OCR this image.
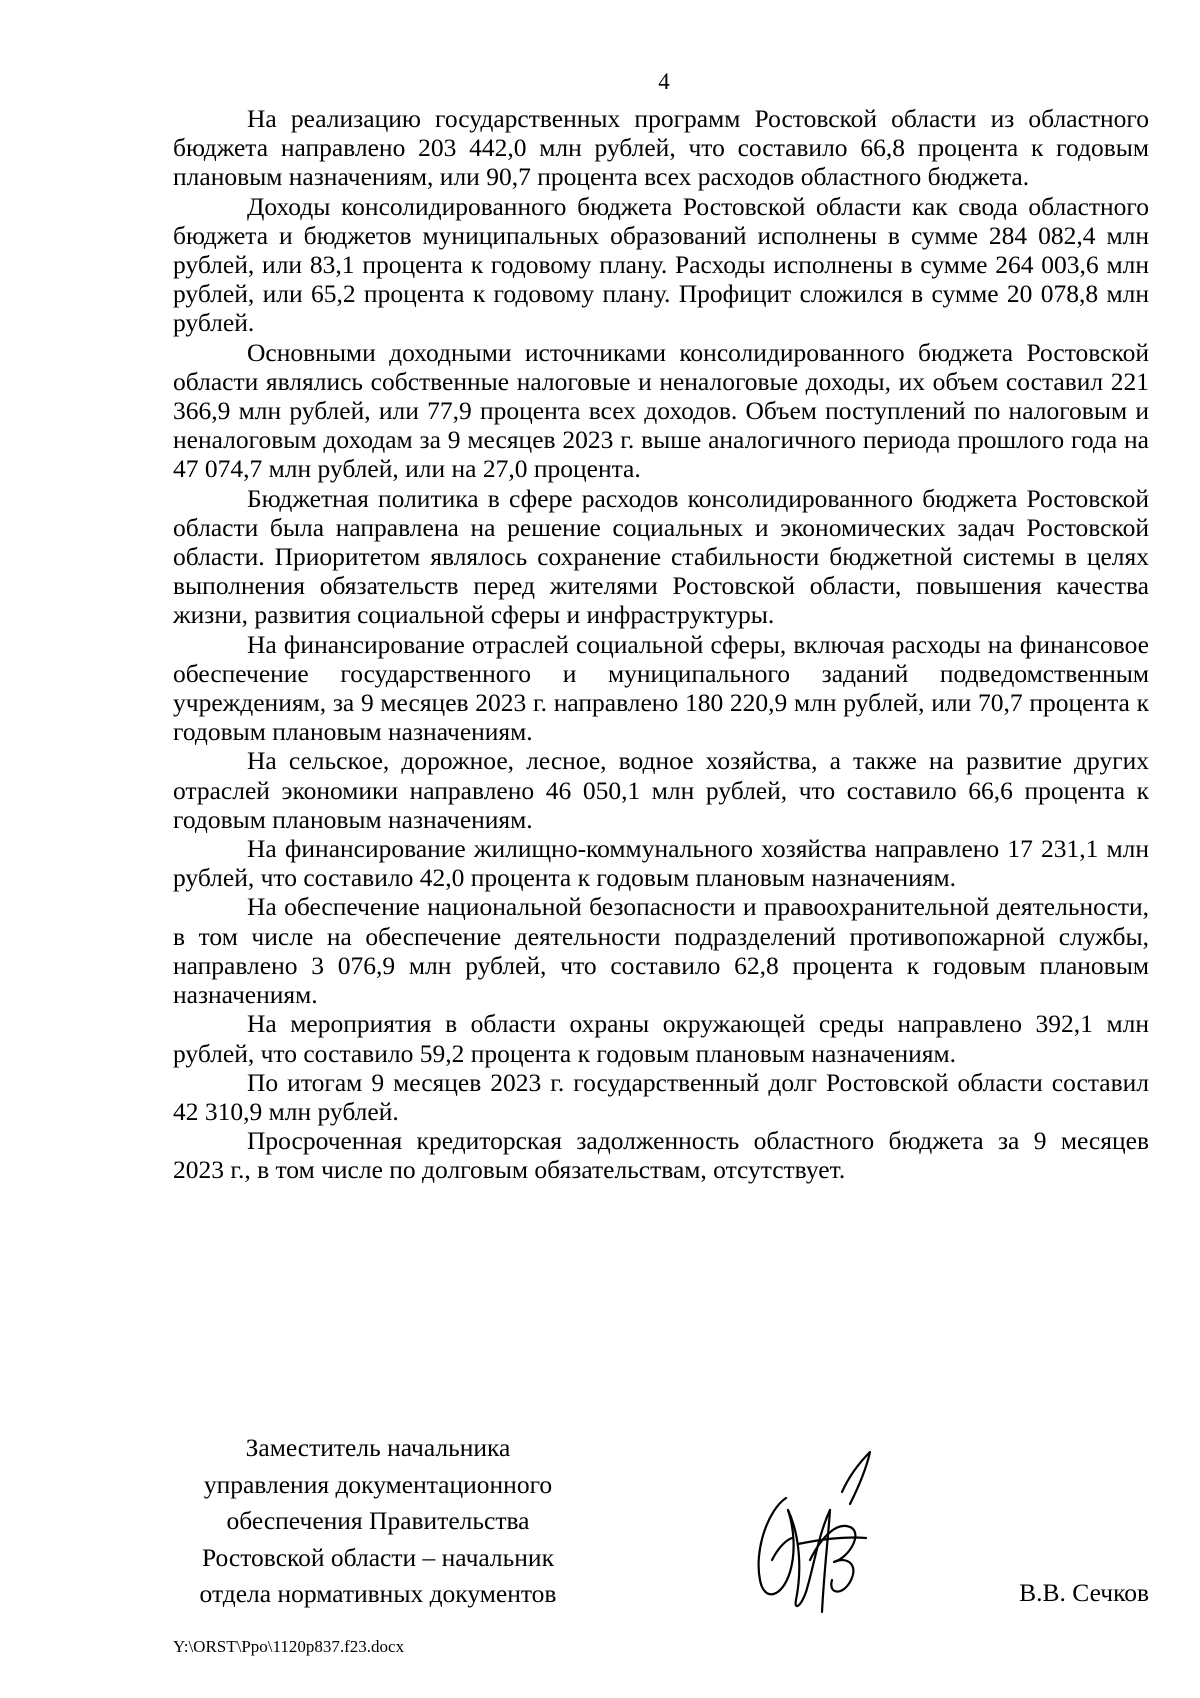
4

На реализацию государственных программ Ростовской области из областного бюджета направлено 203 442,0 млн рублей, что составило 66,8 процента к годовым плановым назначениям, или 90,7 процента всех расходов областного бюджета.

Доходы консолидированного бюджета Ростовской области как свода областного бюджета и бюджетов муниципальных образований исполнены в сумме 284 082,4 млн рублей, или 83,1 процента к годовому плану. Расходы исполнены в сумме 264 003,6 млн рублей, или 65,2 процента к годовому плану. Профицит сложился в сумме 20 078,8 млн рублей.

Основными доходными источниками консолидированного бюджета Ростовской области являлись собственные налоговые и неналоговые доходы, их объем составил 221 366,9 млн рублей, или 77,9 процента всех доходов. Объем поступлений по налоговым и неналоговым доходам за 9 месяцев 2023 г. выше аналогичного периода прошлого года на 47 074,7 млн рублей, или на 27,0 процента.

Бюджетная политика в сфере расходов консолидированного бюджета Ростовской области была направлена на решение социальных и экономических задач Ростовской области. Приоритетом являлось сохранение стабильности бюджетной системы в целях выполнения обязательств перед жителями Ростовской области, повышения качества жизни, развития социальной сферы и инфраструктуры.

На финансирование отраслей социальной сферы, включая расходы на финансовое обеспечение государственного и муниципального заданий подведомственным учреждениям, за 9 месяцев 2023 г. направлено 180 220,9 млн рублей, или 70,7 процента к годовым плановым назначениям.

На сельское, дорожное, лесное, водное хозяйства, а также на развитие других отраслей экономики направлено 46 050,1 млн рублей, что составило 66,6 процента к годовым плановым назначениям.

На финансирование жилищно-коммунального хозяйства направлено 17 231,1 млн рублей, что составило 42,0 процента к годовым плановым назначениям.

На обеспечение национальной безопасности и правоохранительной деятельности, в том числе на обеспечение деятельности подразделений противопожарной службы, направлено 3 076,9 млн рублей, что составило 62,8 процента к годовым плановым назначениям.

На мероприятия в области охраны окружающей среды направлено 392,1 млн рублей, что составило 59,2 процента к годовым плановым назначениям.

По итогам 9 месяцев 2023 г. государственный долг Ростовской области составил 42 310,9 млн рублей.

Просроченная кредиторская задолженность областного бюджета за 9 месяцев 2023 г., в том числе по долговым обязательствам, отсутствует.

Заместитель начальника
управления документационного
обеспечения Правительства
Ростовской области – начальник
отдела нормативных документов	В.В. Сечков
Y:\ORST\Ppo\1120p837.f23.docx
